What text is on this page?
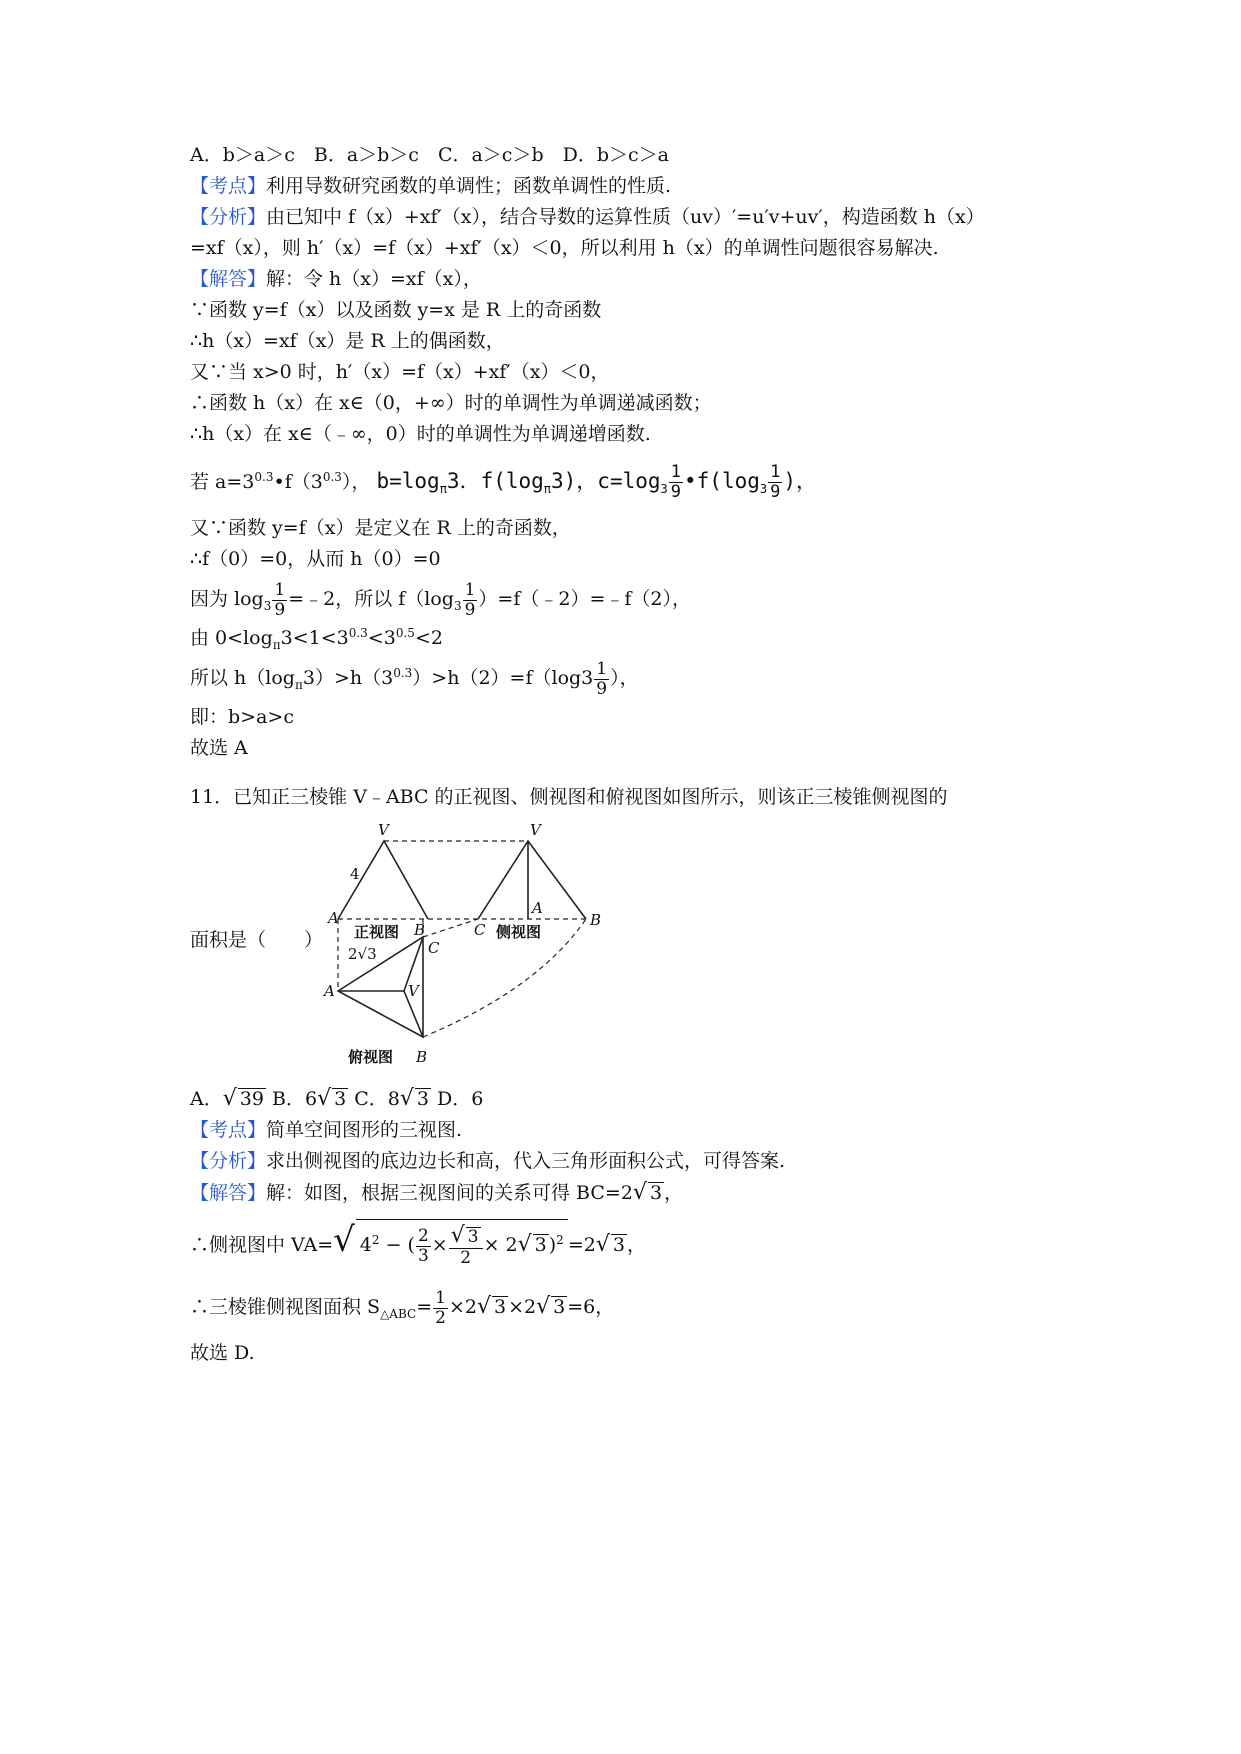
A．b＞a＞c　B．a＞b＞c　C．a＞c＞b　D．b＞c＞a
【考点】利用导数研究函数的单调性；函数单调性的性质.
【分析】由已知中 f（x）+xf′（x），结合导数的运算性质（uv）′=u′v+uv′，构造函数 h（x）
=xf（x），则 h′（x）=f（x）+xf′（x）＜0，所以利用 h（x）的单调性问题很容易解决.
【解答】解：令 h（x）=xf（x），
∵函数 y=f（x）以及函数 y=x 是 R 上的奇函数
∴h（x）=xf（x）是 R 上的偶函数，
又∵当 x>0 时，h′（x）=f（x）+xf′（x）＜0，
∴函数 h（x）在 x∈（0，+∞）时的单调性为单调递减函数；
∴h（x）在 x∈（﹣∞，0）时的单调性为单调递增函数.
若 $a=3^{0.3}•f(3^{0.3})$， $b=\log_\pi 3$．$f(\log_\pi 3)$，$c=\log_3 \frac{1}{9}$ $•f(\log_3 \frac{1}{9}$ )，
又∵函数 y=f（x）是定义在 R 上的奇函数，
∴f（0）=0，从而 h（0）=0
因为 $\log_3 \frac{1}{9}$ =﹣2，所以 $f(\log_3 \frac{1}{9}$ ）=f（﹣2）=﹣f（2），
由 $0<\log_\pi 3<1<3^{0.3}<3^{0.5}<2$
所以 $h(\log_\pi 3)>h(3^{0.3})>h(2)=f(\log 3 \frac{1}{9}$ ），
即：b>a>c
故选 A
11．已知正三棱锥 V﹣ABC 的正视图、侧视图和俯视图如图所示，则该正三棱锥侧视图的
面积是（　　）
V	V
4
A
B
正视图	C
A
B
侧视图
2√3	C
A	V
俯视图 B
A．√ 39 B．6√ 3 C．8√ 3 D．6
【考点】简单空间图形的三视图.
【分析】求出侧视图的底边边长和高，代入三角形面积公式，可得答案.
【解答】解：如图，根据三视图间的关系可得 BC=2√ 3 ，
∴侧视图中 VA=√ $4^2$ − ( $\frac{2}{3} \times \frac{√ 3}{2} \times 2√$ 3 )$^2$ =2√ 3 ，
∴三棱锥侧视图面积 $S_{\triangle ABC}= \frac{1}{2} \times 2√$ 3 ×2√ 3 =6，
故选 D.
